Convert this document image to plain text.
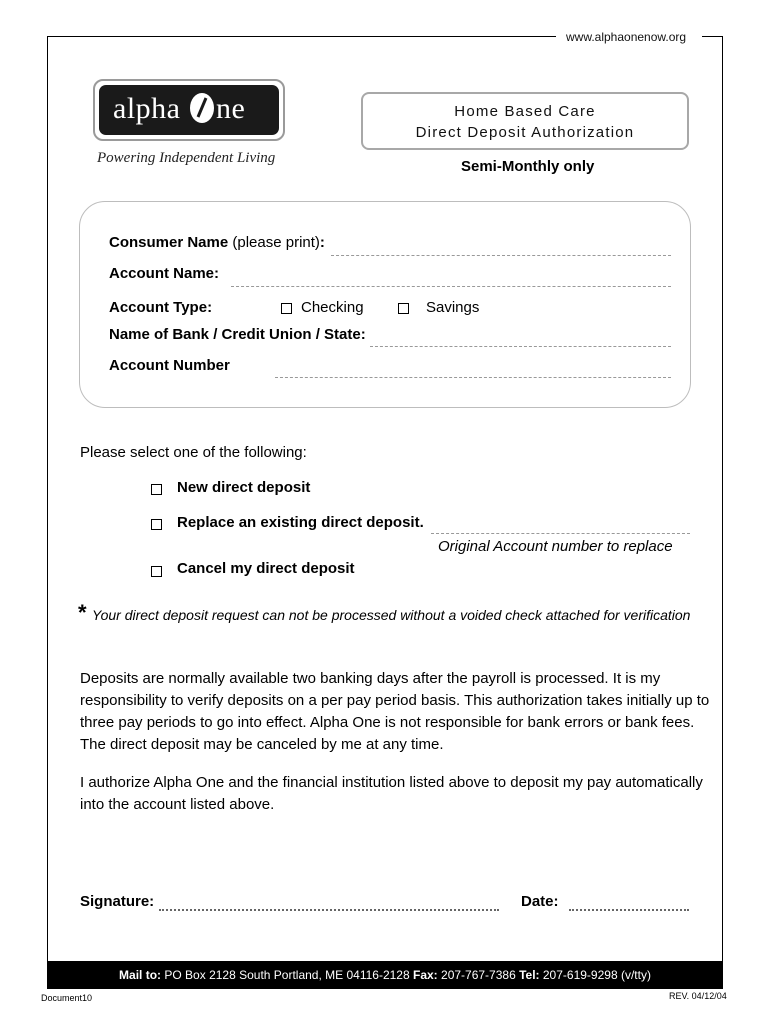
www.alphaonenow.org
alpha ne
Powering Independent Living
Home Based Care
Direct Deposit Authorization
Semi-Monthly only
Consumer Name (please print):
Account Name:
Account Type:	Checking	Savings
Name of Bank / Credit Union / State:
Account Number
Please select one of the following:
New direct deposit
Replace an existing direct deposit.
Original Account number to replace
Cancel my direct deposit
* Your direct deposit request can not be processed without a voided check attached for verification
Deposits are normally available two banking days after the payroll is processed. It is my
responsibility to verify deposits on a per pay period basis. This authorization takes initially up to
three pay periods to go into effect. Alpha One is not responsible for bank errors or bank fees.
The direct deposit may be canceled by me at any time.
I authorize Alpha One and the financial institution listed above to deposit my pay automatically
into the account listed above.
Signature:	Date:
Mail to: PO Box 2128 South Portland, ME 04116-2128 Fax: 207-767-7386 Tel: 207-619-9298 (v/tty)
Document10	REV. 04/12/04
